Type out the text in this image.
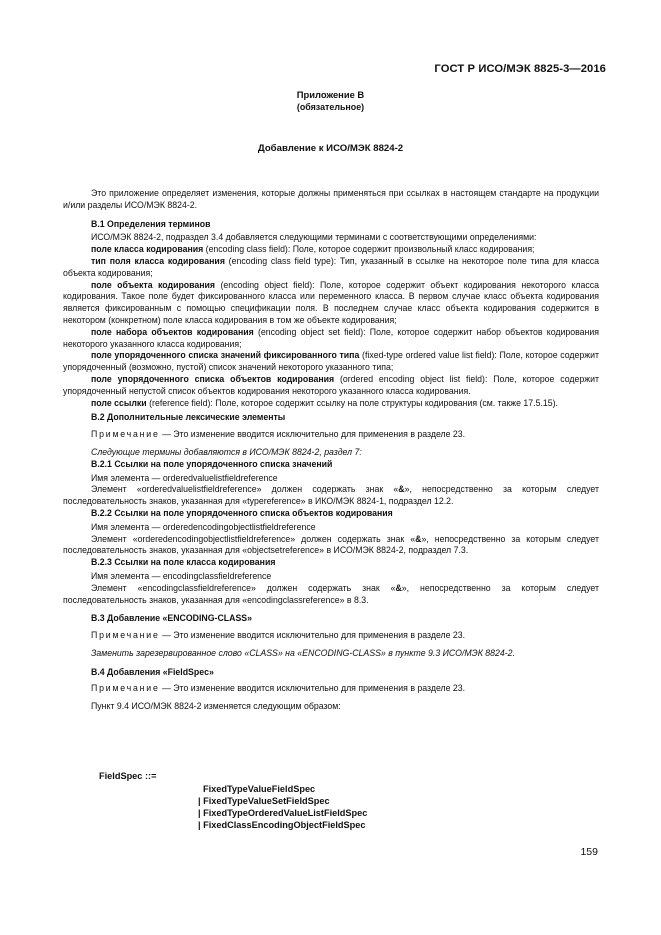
ГОСТ Р ИСО/МЭК 8825-3—2016
Приложение В
(обязательное)
Добавление к ИСО/МЭК 8824-2

Это приложение определяет изменения, которые должны применяться при ссылках в настоящем стандарте на продукции и/или разделы ИСО/МЭК 8824-2.

В.1 Определения терминов

ИСО/МЭК 8824-2, подраздел 3.4 добавляется следующими терминами с соответствующими определениями:

поле класса кодирования (encoding class field): Поле, которое содержит произвольный класс кодирования;

тип поля класса кодирования (encoding class field type): Тип, указанный в ссылке на некоторое поле типа для класса объекта кодирования;

поле объекта кодирования (encoding object field): Поле, которое содержит объект кодирования некоторого класса кодирования. Такое поле будет фиксированного класса или переменного класса. В первом случае класс объекта кодирования является фиксированным с помощью спецификации поля. В последнем случае класс объекта кодирования содержится в некотором (конкретном) поле класса кодирования в том же объекте кодирования;

поле набора объектов кодирования (encoding object set field): Поле, которое содержит набор объектов кодирования некоторого указанного класса кодирования;

поле упорядоченного списка значений фиксированного типа (fixed-type ordered value list field): Поле, которое содержит упорядоченный (возможно, пустой) список значений некоторого указанного типа;

поле упорядоченного списка объектов кодирования (ordered encoding object list field): Поле, которое содержит упорядоченный непустой список объектов кодирования некоторого указанного класса кодирования.

поле ссылки (reference field): Поле, которое содержит ссылку на поле структуры кодирования (см. также 17.5.15).

В.2 Дополнительные лексические элементы

Примечание — Это изменение вводится исключительно для применения в разделе 23.

Следующие термины добавляются в ИСО/МЭК 8824-2, раздел 7:

В.2.1 Ссылки на поле упорядоченного списка значений

Имя элемента — orderedvaluelistfieldreference

Элемент «orderedvaluelistfieldreference» должен содержать знак «&», непосредственно за которым следует последовательность знаков, указанная для «typereference» в ИКО/МЭК 8824-1, подраздел 12.2.

В.2.2 Ссылки на поле упорядоченного списка объектов кодирования

Имя элемента — orderedencodingobjectlistfieldreference

Элемент «orderedencodingobjectlistfieldreference» должен содержать знак «&», непосредственно за которым следует последовательность знаков, указанная для «objectsetreference» в ИСО/МЭК 8824-2, подраздел 7.3.

В.2.3 Ссылки на поле класса кодирования

Имя элемента — encodingclassfieldreference

Элемент «encodingclassfieldreference» должен содержать знак «&», непосредственно за которым следует последовательность знаков, указанная для «encodingclassreference» в 8.3.

В.3 Добавление «ENCODING-CLASS»

Примечание — Это изменение вводится исключительно для применения в разделе 23.

Заменить зарезервированное слово «CLASS» на «ENCODING-CLASS» в пункте 9.3 ИСО/МЭК 8824-2.

В.4 Добавления «FieldSpec»

Примечание — Это изменение вводится исключительно для применения в разделе 23.

Пункт 9.4 ИСО/МЭК 8824-2 изменяется следующим образом:

FieldSpec ::=
FixedTypeValueFieldSpec
| FixedTypeValueSetFieldSpec
| FixedTypeOrderedValueListFieldSpec
| FixedClassEncodingObjectFieldSpec
159
